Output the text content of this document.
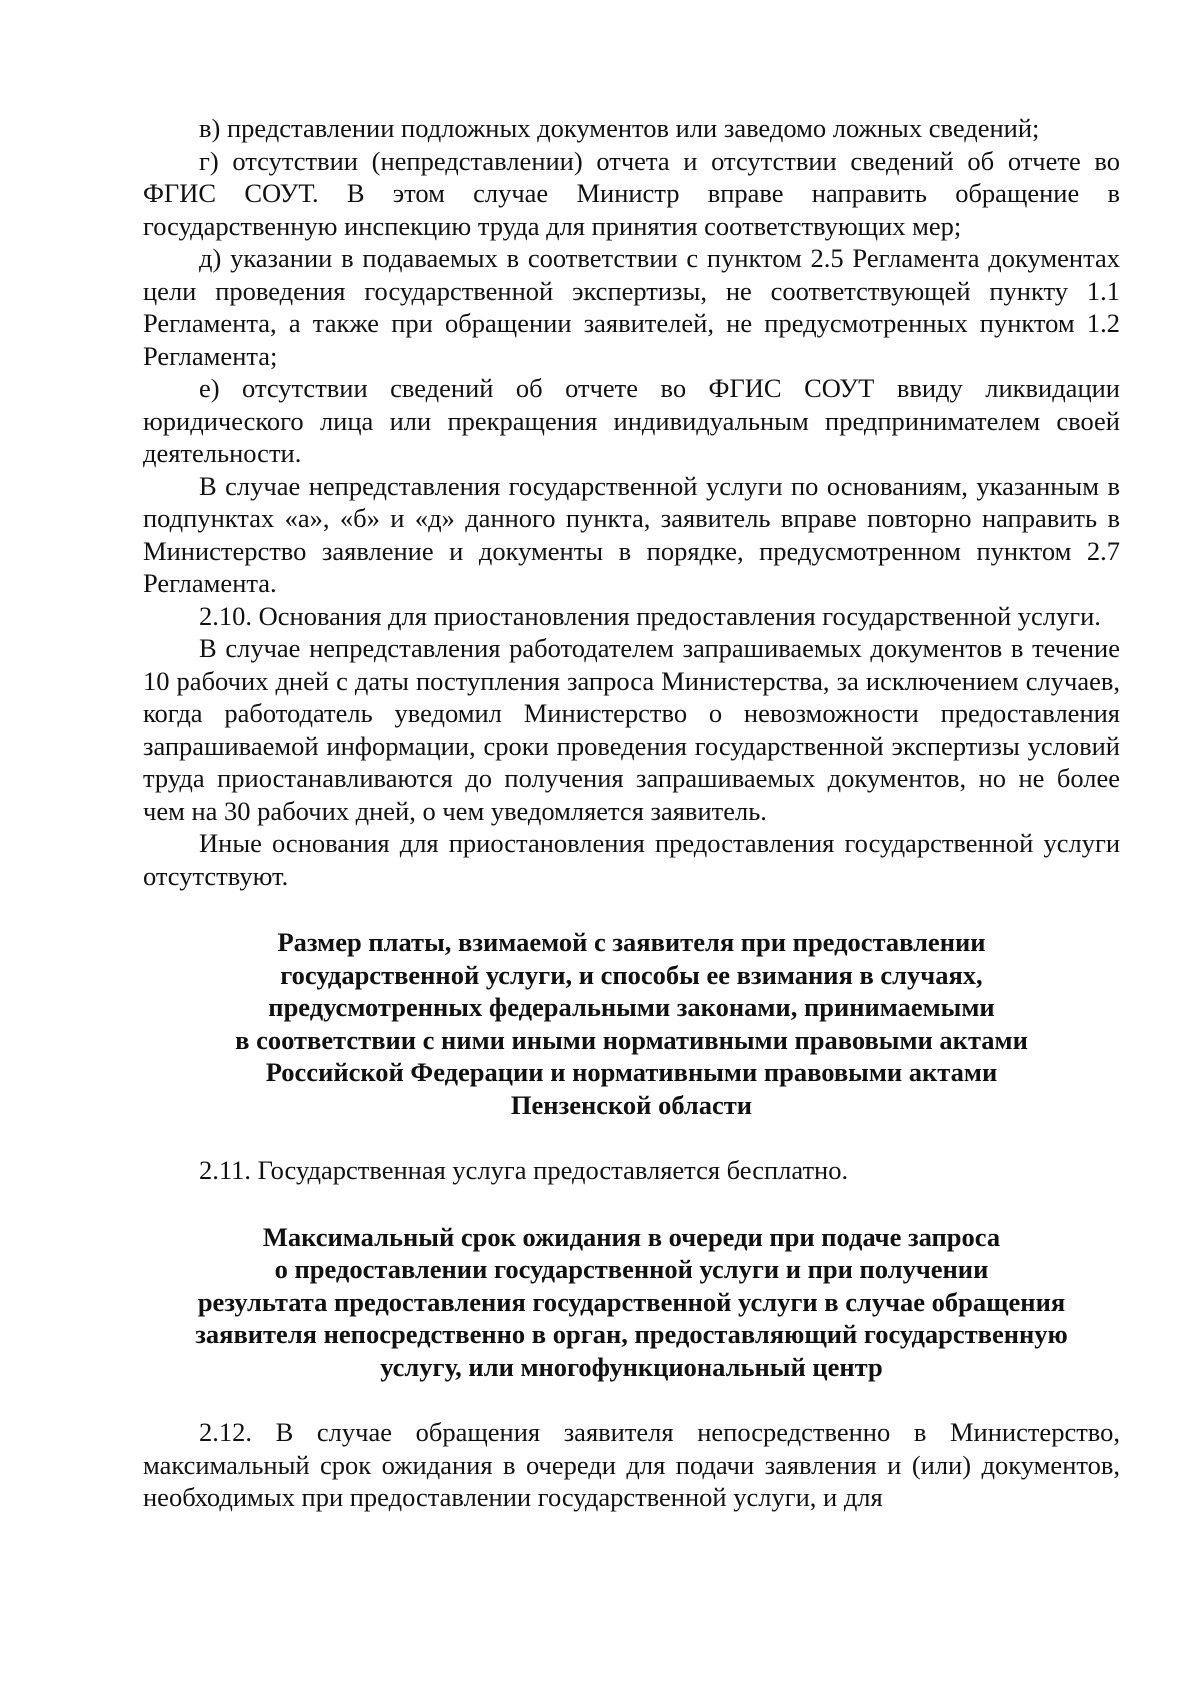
в) представлении подложных документов или заведомо ложных сведений;

г) отсутствии (непредставлении) отчета и отсутствии сведений об отчете во ФГИС СОУТ. В этом случае Министр вправе направить обращение в государственную инспекцию труда для принятия соответствующих мер;

д) указании в подаваемых в соответствии с пунктом 2.5 Регламента документах цели проведения государственной экспертизы, не соответствующей пункту 1.1 Регламента, а также при обращении заявителей, не предусмотренных пунктом 1.2 Регламента;

е) отсутствии сведений об отчете во ФГИС СОУТ ввиду ликвидации юридического лица или прекращения индивидуальным предпринимателем своей деятельности.

В случае непредставления государственной услуги по основаниям, указанным в подпунктах «а», «б» и «д» данного пункта, заявитель вправе повторно направить в Министерство заявление и документы в порядке, предусмотренном пунктом 2.7 Регламента.

2.10. Основания для приостановления предоставления государственной услуги.

В случае непредставления работодателем запрашиваемых документов в течение 10 рабочих дней с даты поступления запроса Министерства, за исключением случаев, когда работодатель уведомил Министерство о невозможности предоставления запрашиваемой информации, сроки проведения государственной экспертизы условий труда приостанавливаются до получения запрашиваемых документов, но не более чем на 30 рабочих дней, о чем уведомляется заявитель.

Иные основания для приостановления предоставления государственной услуги отсутствуют.

Размер платы, взимаемой с заявителя при предоставлении
государственной услуги, и способы ее взимания в случаях,
предусмотренных федеральными законами, принимаемыми
в соответствии с ними иными нормативными правовыми актами
Российской Федерации и нормативными правовыми актами
Пензенской области

2.11. Государственная услуга предоставляется бесплатно.

Максимальный срок ожидания в очереди при подаче запроса
о предоставлении государственной услуги и при получении
результата предоставления государственной услуги в случае обращения
заявителя непосредственно в орган, предоставляющий государственную
услугу, или многофункциональный центр

2.12. В случае обращения заявителя непосредственно в Министерство, максимальный срок ожидания в очереди для подачи заявления и (или) документов, необходимых при предоставлении государственной услуги, и для
